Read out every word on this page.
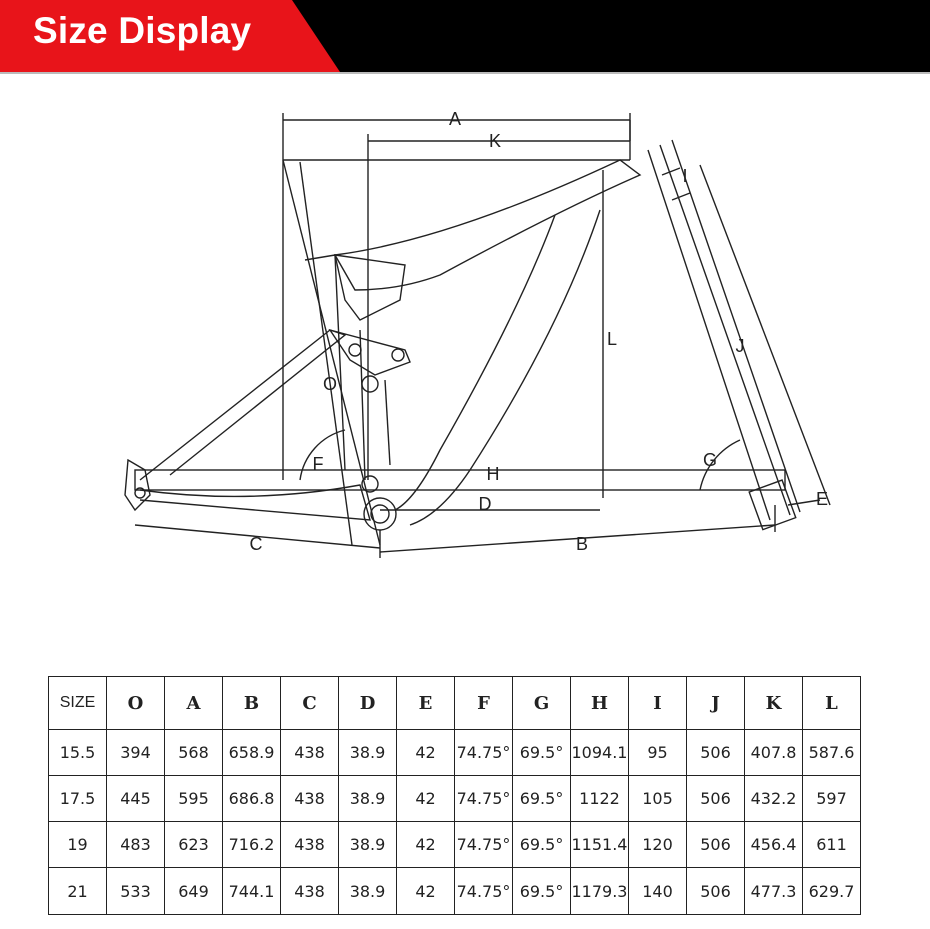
Size Display
A
K
L
O
F	H
D
G
I
J
E
C	B
SIZE	O	A	B	C	D	E	F	G	H	I	J	K	L
15.5	394	568	658.9	438	38.9	42	74.75°	69.5°	1094.1	95	506	407.8	587.6
17.5	445	595	686.8	438	38.9	42	74.75°	69.5°	1122	105	506	432.2	597
19	483	623	716.2	438	38.9	42	74.75°	69.5°	1151.4	120	506	456.4	611
21	533	649	744.1	438	38.9	42	74.75°	69.5°	1179.3	140	506	477.3	629.7
